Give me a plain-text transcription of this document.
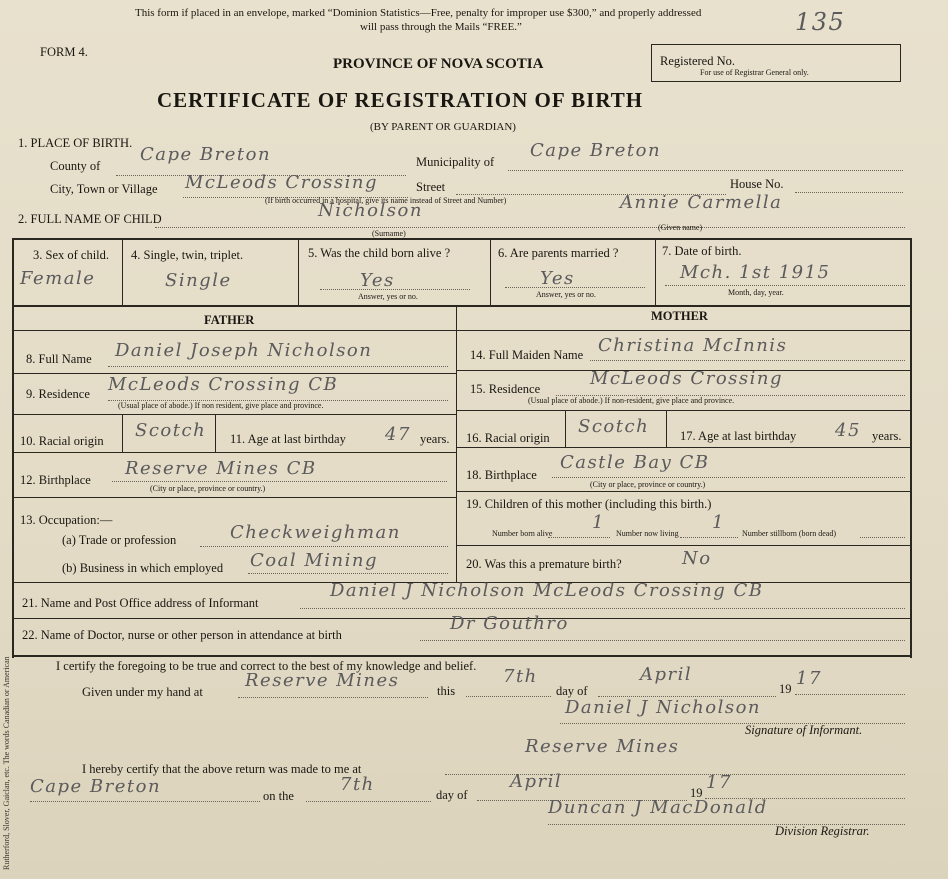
Rutherford, Slover, Gaiclan, etc. The words Canadian or American
This form if placed in an envelope, marked “Dominion Statistics—Free, penalty for improper use $300,” and properly addressed
will pass through the Mails “FREE.”	135
FORM 4.
PROVINCE OF NOVA SCOTIA	Registered No.
For use of Registrar General only.
CERTIFICATE OF REGISTRATION OF BIRTH
(BY PARENT OR GUARDIAN)
1. PLACE OF BIRTH.
County of
Cape Breton	Municipality of
Cape Breton
City, Town or Village McLeods Crossing	Street	House No.
(If birth occurred in a hospital, give its name instead of Street and Number)
2. FULL NAME OF CHILD	Nicholson	Annie Carmella
(Surname)
(Given name)
3. Sex of child.
Female
4. Single, twin, triplet.
Single
5. Was the child born alive ?
Yes
Answer, yes or no.
6. Are parents married ?
Yes
Answer, yes or no.
7. Date of birth.
Mch. 1st 1915
Month, day, year.
FATHER	MOTHER
8. Full Name Daniel Joseph Nicholson
9. Residence McLeods Crossing CB
(Usual place of abode.) If non resident, give place and province.
10. Racial origin Scotch 11. Age at last birthday 47 years.
12. Birthplace
Reserve Mines CB
(City or place, province or country.)
13. Occupation:—
(a) Trade or profession	Checkweighman
(b) Business in which employed Coal Mining
14. Full Maiden Name Christina McInnis
15. Residence	McLeods Crossing
(Usual place of abode.) If non-resident, give place and province.
16. Racial origin
Scotch 17. Age at last birthday 45 years.
18. Birthplace
Castle Bay CB
(City or place, province or country.)
19. Children of this mother (including this birth.)
Number born alive
1
Number now living
1
Number stillborn (born dead)
20. Was this a premature birth?	No
21. Name and Post Office address of Informant
Daniel J Nicholson McLeods Crossing CB
22. Name of Doctor, nurse or other person in attendance at birth
Dr Gouthro
I certify the foregoing to be true and correct to the best of my knowledge and belief.
Given under my hand at
Reserve Mines	this
7th
day of
April
19 17
Daniel J Nicholson
Signature of Informant.
Reserve Mines
I hereby certify that the above return was made to me at
Cape Breton	on the
7th	day of
April
19 17
Duncan J MacDonald
Division Registrar.
